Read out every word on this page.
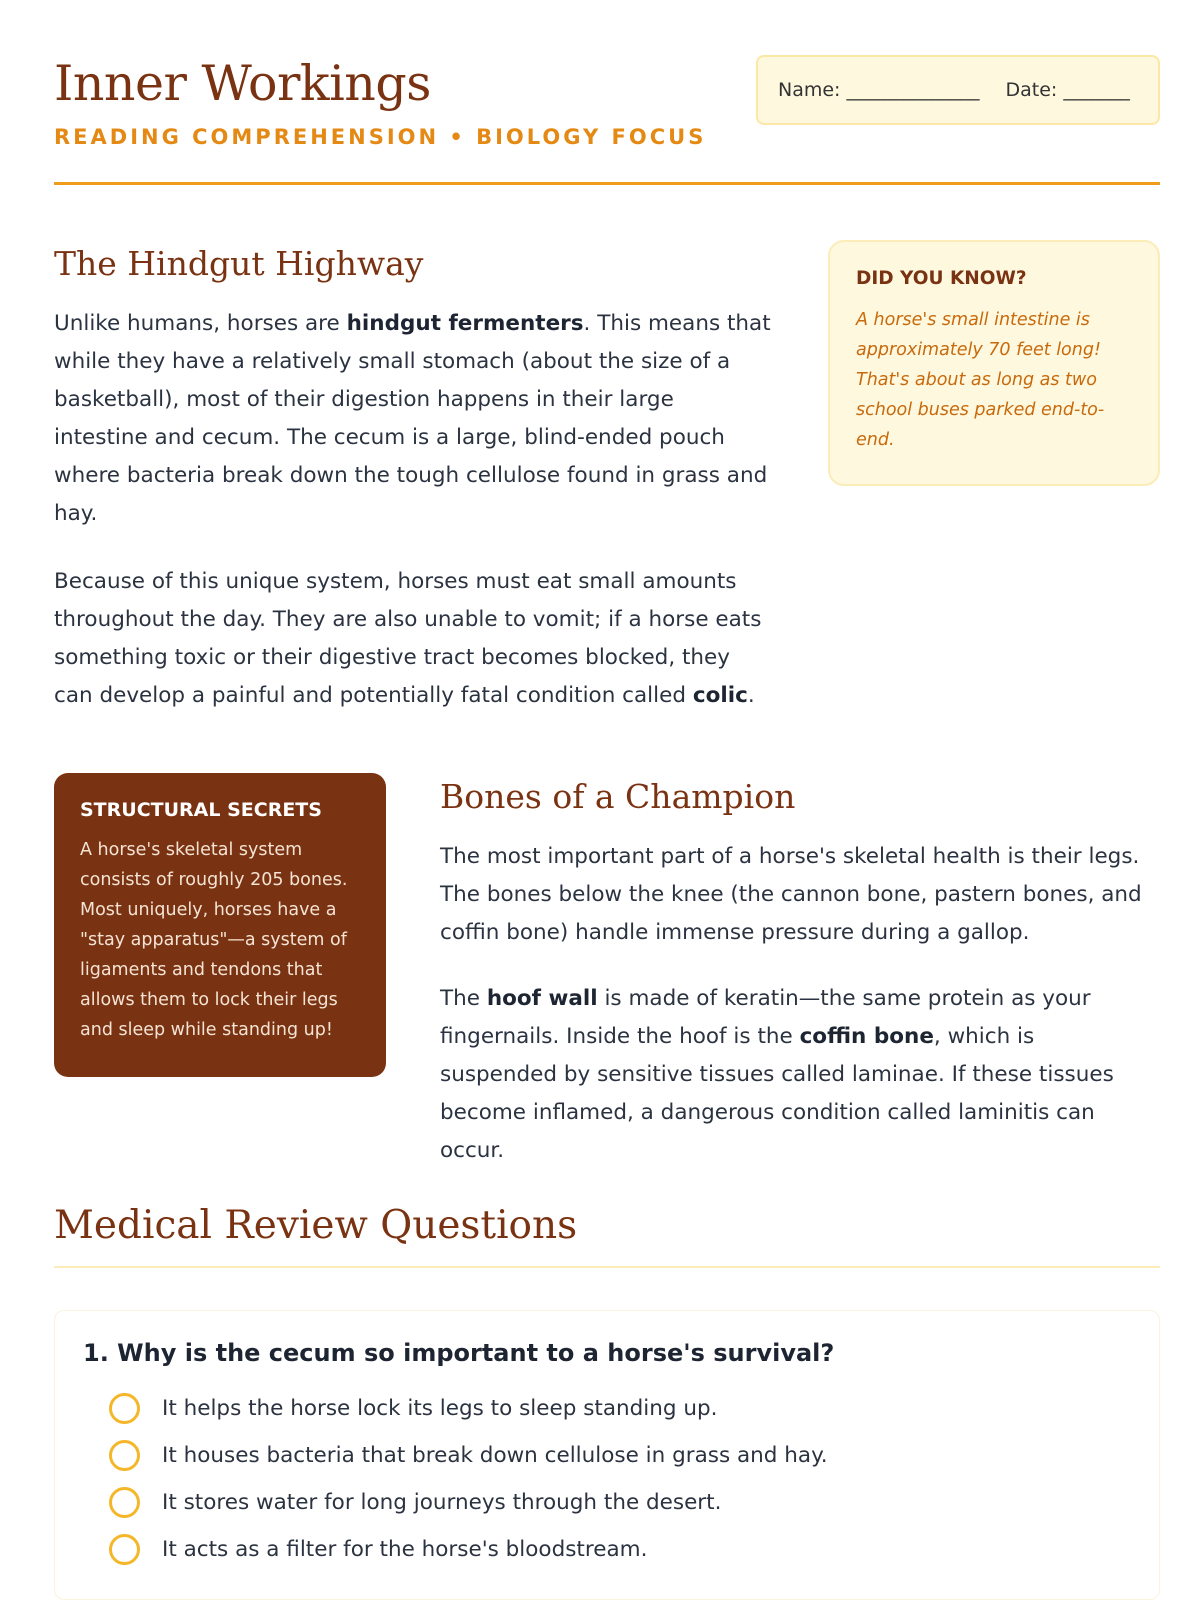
Inner Workings
READING COMPREHENSION • BIOLOGY FOCUS
Name: ______________ Date: _______
The Hindgut Highway

Unlike humans, horses are hindgut fermenters. This means that while they have a relatively small stomach (about the size of a basketball), most of their digestion happens in their large intestine and cecum. The cecum is a large, blind-ended pouch where bacteria break down the tough cellulose found in grass and hay.

Because of this unique system, horses must eat small amounts throughout the day. They are also unable to vomit; if a horse eats something toxic or their digestive tract becomes blocked, they can develop a painful and potentially fatal condition called colic.

DID YOU KNOW?
A horse's small intestine is approximately 70 feet long! That's about as long as two school buses parked end-to-end.
STRUCTURAL SECRETS
A horse's skeletal system consists of roughly 205 bones. Most uniquely, horses have a "stay apparatus"—a system of ligaments and tendons that allows them to lock their legs and sleep while standing up!
Bones of a Champion

The most important part of a horse's skeletal health is their legs. The bones below the knee (the cannon bone, pastern bones, and coffin bone) handle immense pressure during a gallop.

The hoof wall is made of keratin—the same protein as your fingernails. Inside the hoof is the coffin bone, which is suspended by sensitive tissues called laminae. If these tissues become inflamed, a dangerous condition called laminitis can occur.

Medical Review Questions
1. Why is the cecum so important to a horse's survival?
It helps the horse lock its legs to sleep standing up.
It houses bacteria that break down cellulose in grass and hay.
It stores water for long journeys through the desert.
It acts as a filter for the horse's bloodstream.
